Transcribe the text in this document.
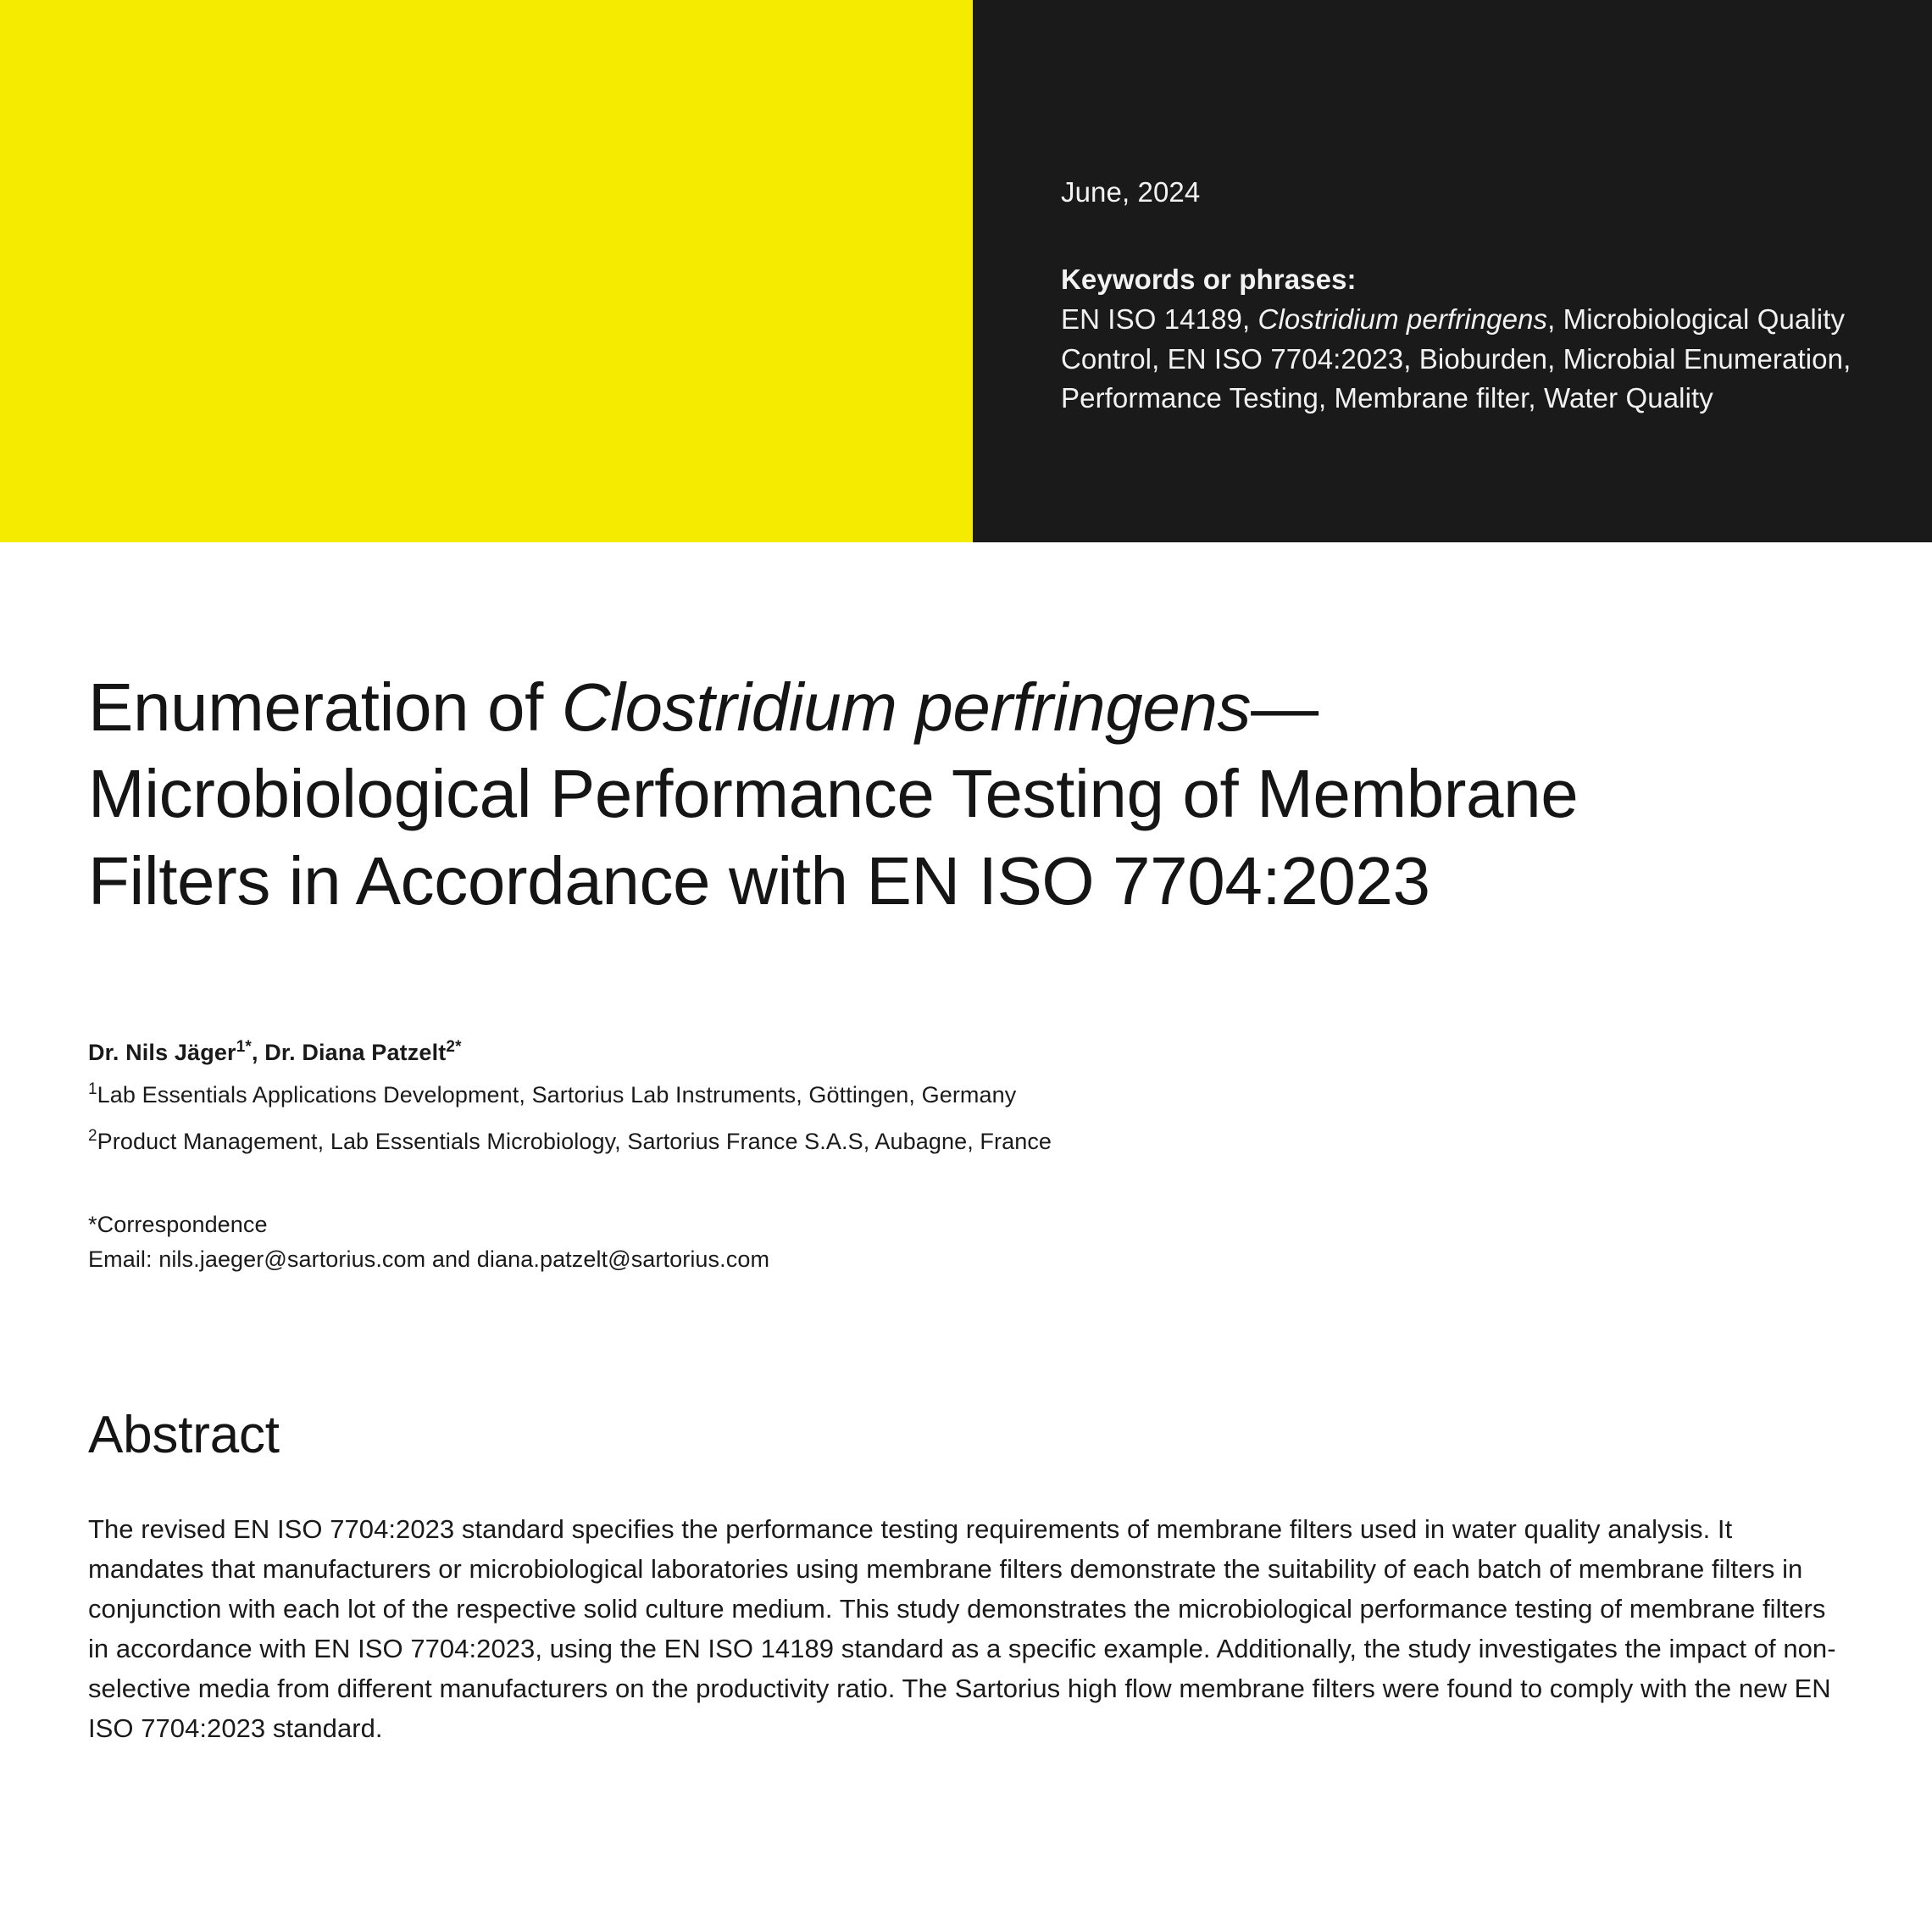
June, 2024
Keywords or phrases:
EN ISO 14189, Clostridium perfringens, Microbiological Quality Control, EN ISO 7704:2023, Bioburden, Microbial Enumeration, Performance Testing, Membrane filter, Water Quality
Enumeration of Clostridium perfringens—Microbiological Performance Testing of Membrane Filters in Accordance with EN ISO 7704:2023
Dr. Nils Jäger$^{1*}$, Dr. Diana Patzelt$^{2*}$
$^1$Lab Essentials Applications Development, Sartorius Lab Instruments, Göttingen, Germany
$^2$Product Management, Lab Essentials Microbiology, Sartorius France S.A.S, Aubagne, France
*Correspondence
Email: nils.jaeger@sartorius.com and diana.patzelt@sartorius.com
Abstract

The revised EN ISO 7704:2023 standard specifies the performance testing requirements of membrane filters used in water quality analysis. It mandates that manufacturers or microbiological laboratories using membrane filters demonstrate the suitability of each batch of membrane filters in conjunction with each lot of the respective solid culture medium. This study demonstrates the microbiological performance testing of membrane filters in accordance with EN ISO 7704:2023, using the EN ISO 14189 standard as a specific example. Additionally, the study investigates the impact of non-selective media from different manufacturers on the productivity ratio. The Sartorius high flow membrane filters were found to comply with the new EN ISO 7704:2023 standard.
